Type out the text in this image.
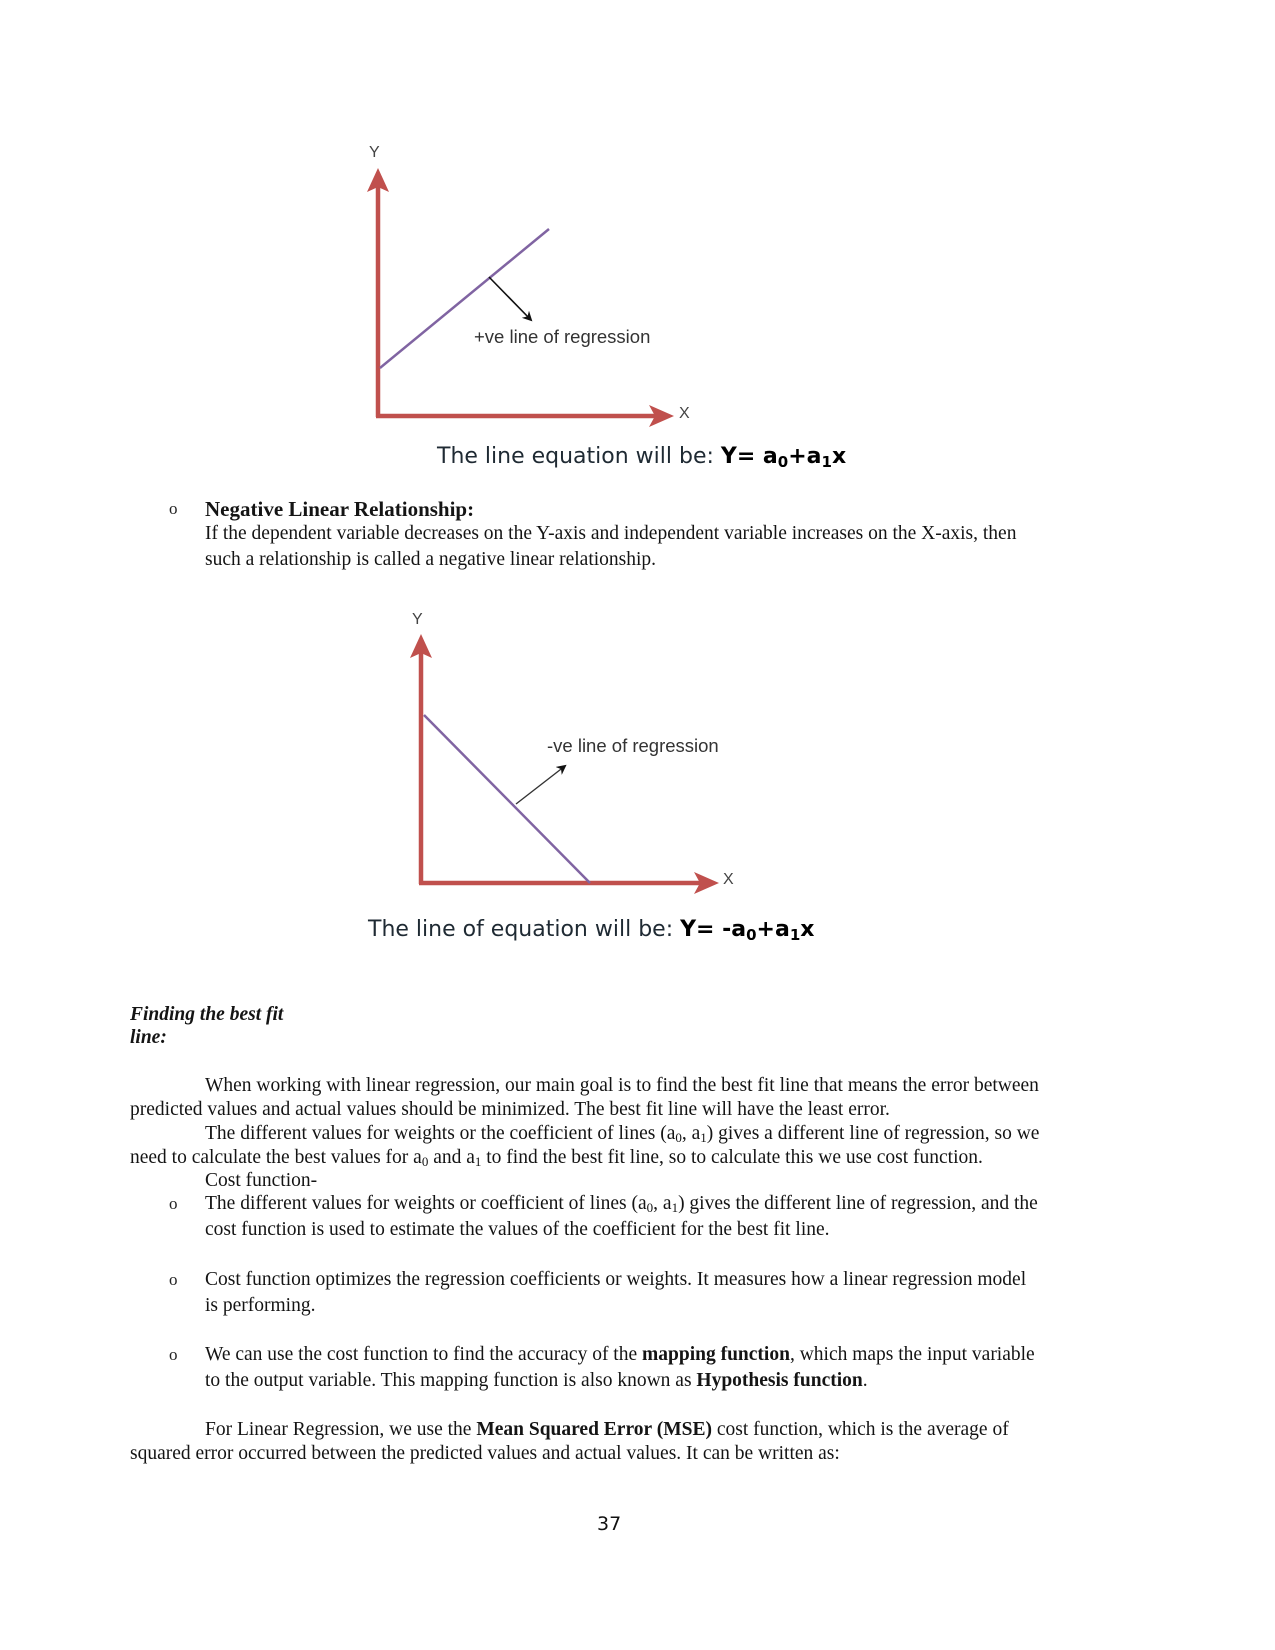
Y
X
+ve line of regression
The line equation will be: $Y= a_0+a_1x$
o Negative Linear Relationship:
If the dependent variable decreases on the Y-axis and independent variable increases on the X-axis, then
such a relationship is called a negative linear relationship.
Y
X
-ve line of regression
The line of equation will be: $Y= -a_0+a_1x$
Finding the best fit
line:
When working with linear regression, our main goal is to find the best fit line that means the error between
predicted values and actual values should be minimized. The best fit line will have the least error.
The different values for weights or the coefficient of lines ($a_0$, $a_1$) gives a different line of regression, so we
need to calculate the best values for $a_0$ and $a_1$ to find the best fit line, so to calculate this we use cost function.
Cost function-
o The different values for weights or coefficient of lines ($a_0$, $a_1$) gives the different line of regression, and the
cost function is used to estimate the values of the coefficient for the best fit line.
o Cost function optimizes the regression coefficients or weights. It measures how a linear regression model
is performing.
o We can use the cost function to find the accuracy of the mapping function, which maps the input variable
to the output variable. This mapping function is also known as Hypothesis function.
For Linear Regression, we use the Mean Squared Error (MSE) cost function, which is the average of
squared error occurred between the predicted values and actual values. It can be written as:
37
